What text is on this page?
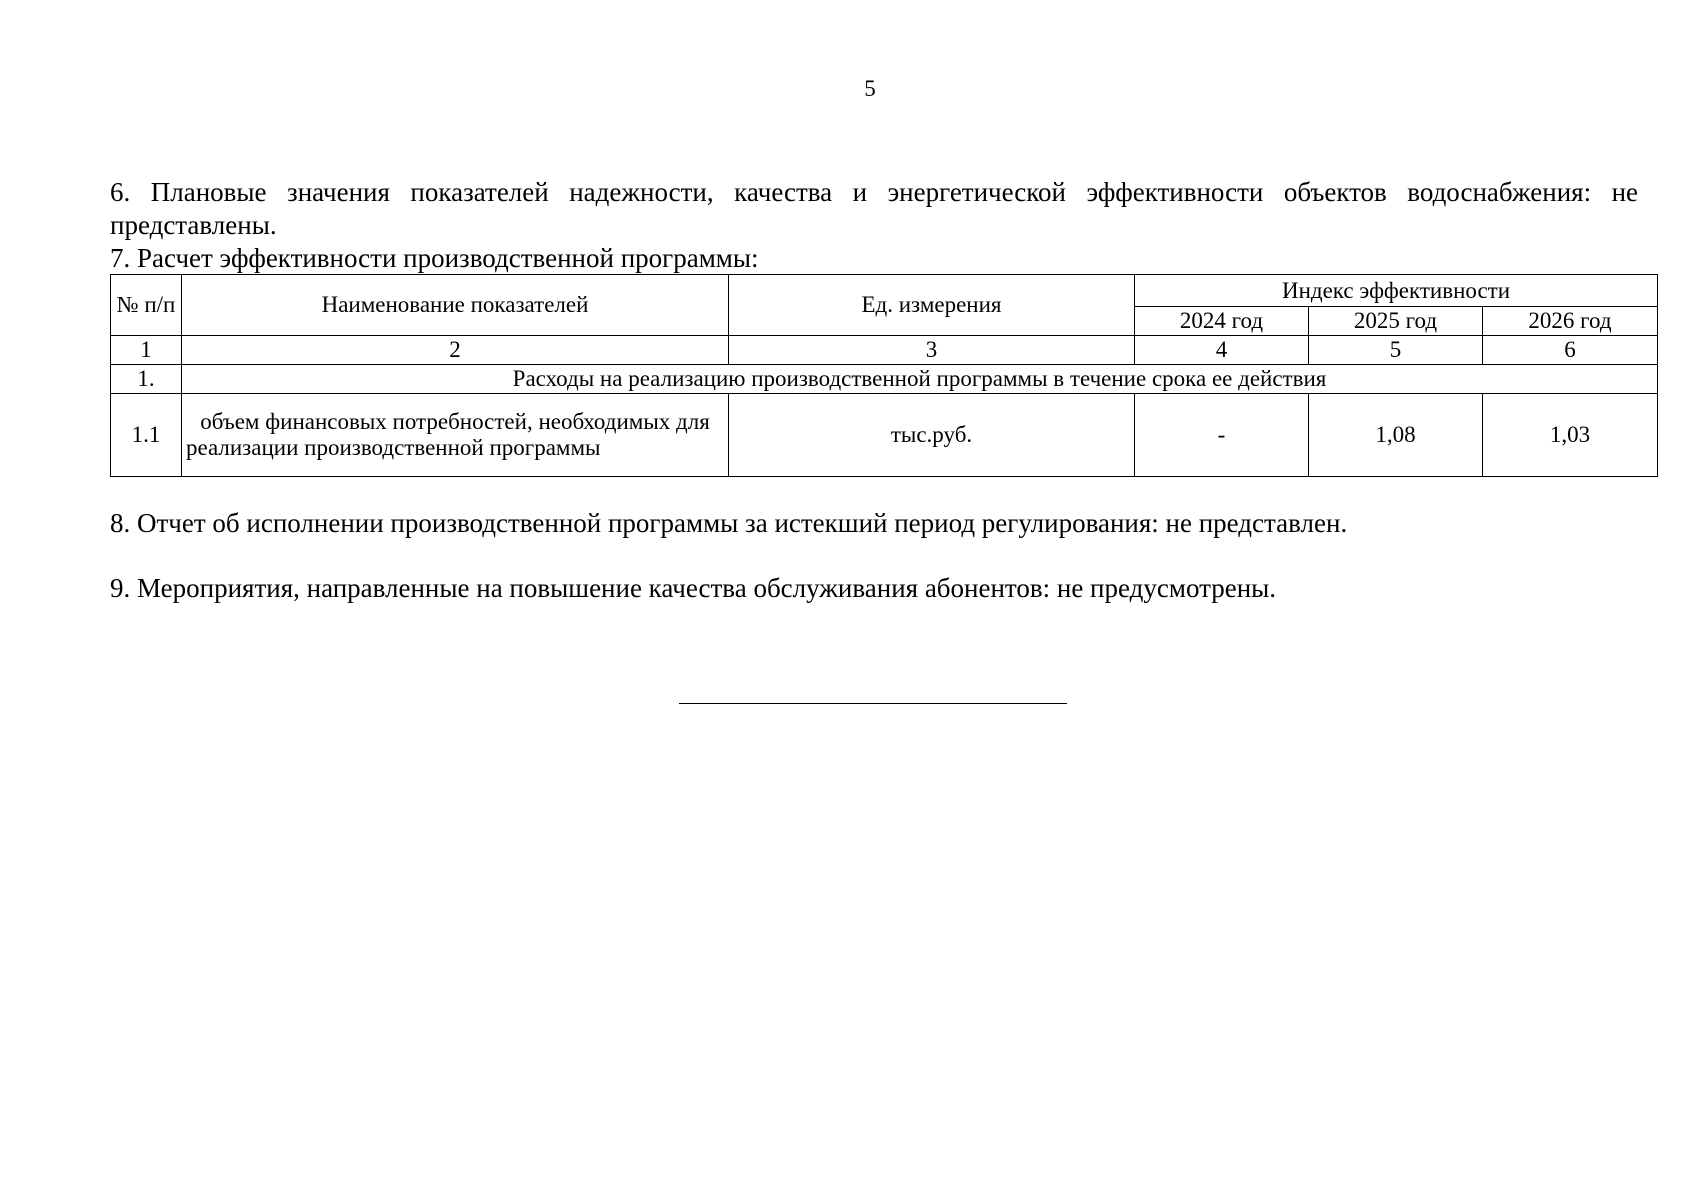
5
6. Плановые значения показателей надежности, качества и энергетической эффективности объектов водоснабжения: не представлены.
7. Расчет эффективности производственной программы:
№ п/п	Наименование показателей	Ед. измерения	Индекс эффективности		
			2024 год	2025 год	2026 год
1	2	3	4	5	6
1.	Расходы на реализацию производственной программы в течение срока ее действия				
1.1	объем финансовых потребностей, необходимых для реализации производственной программы	тыс.руб.	-	1,08	1,03
8. Отчет об исполнении производственной программы за истекший период регулирования: не представлен.
9. Мероприятия, направленные на повышение качества обслуживания абонентов: не предусмотрены.
